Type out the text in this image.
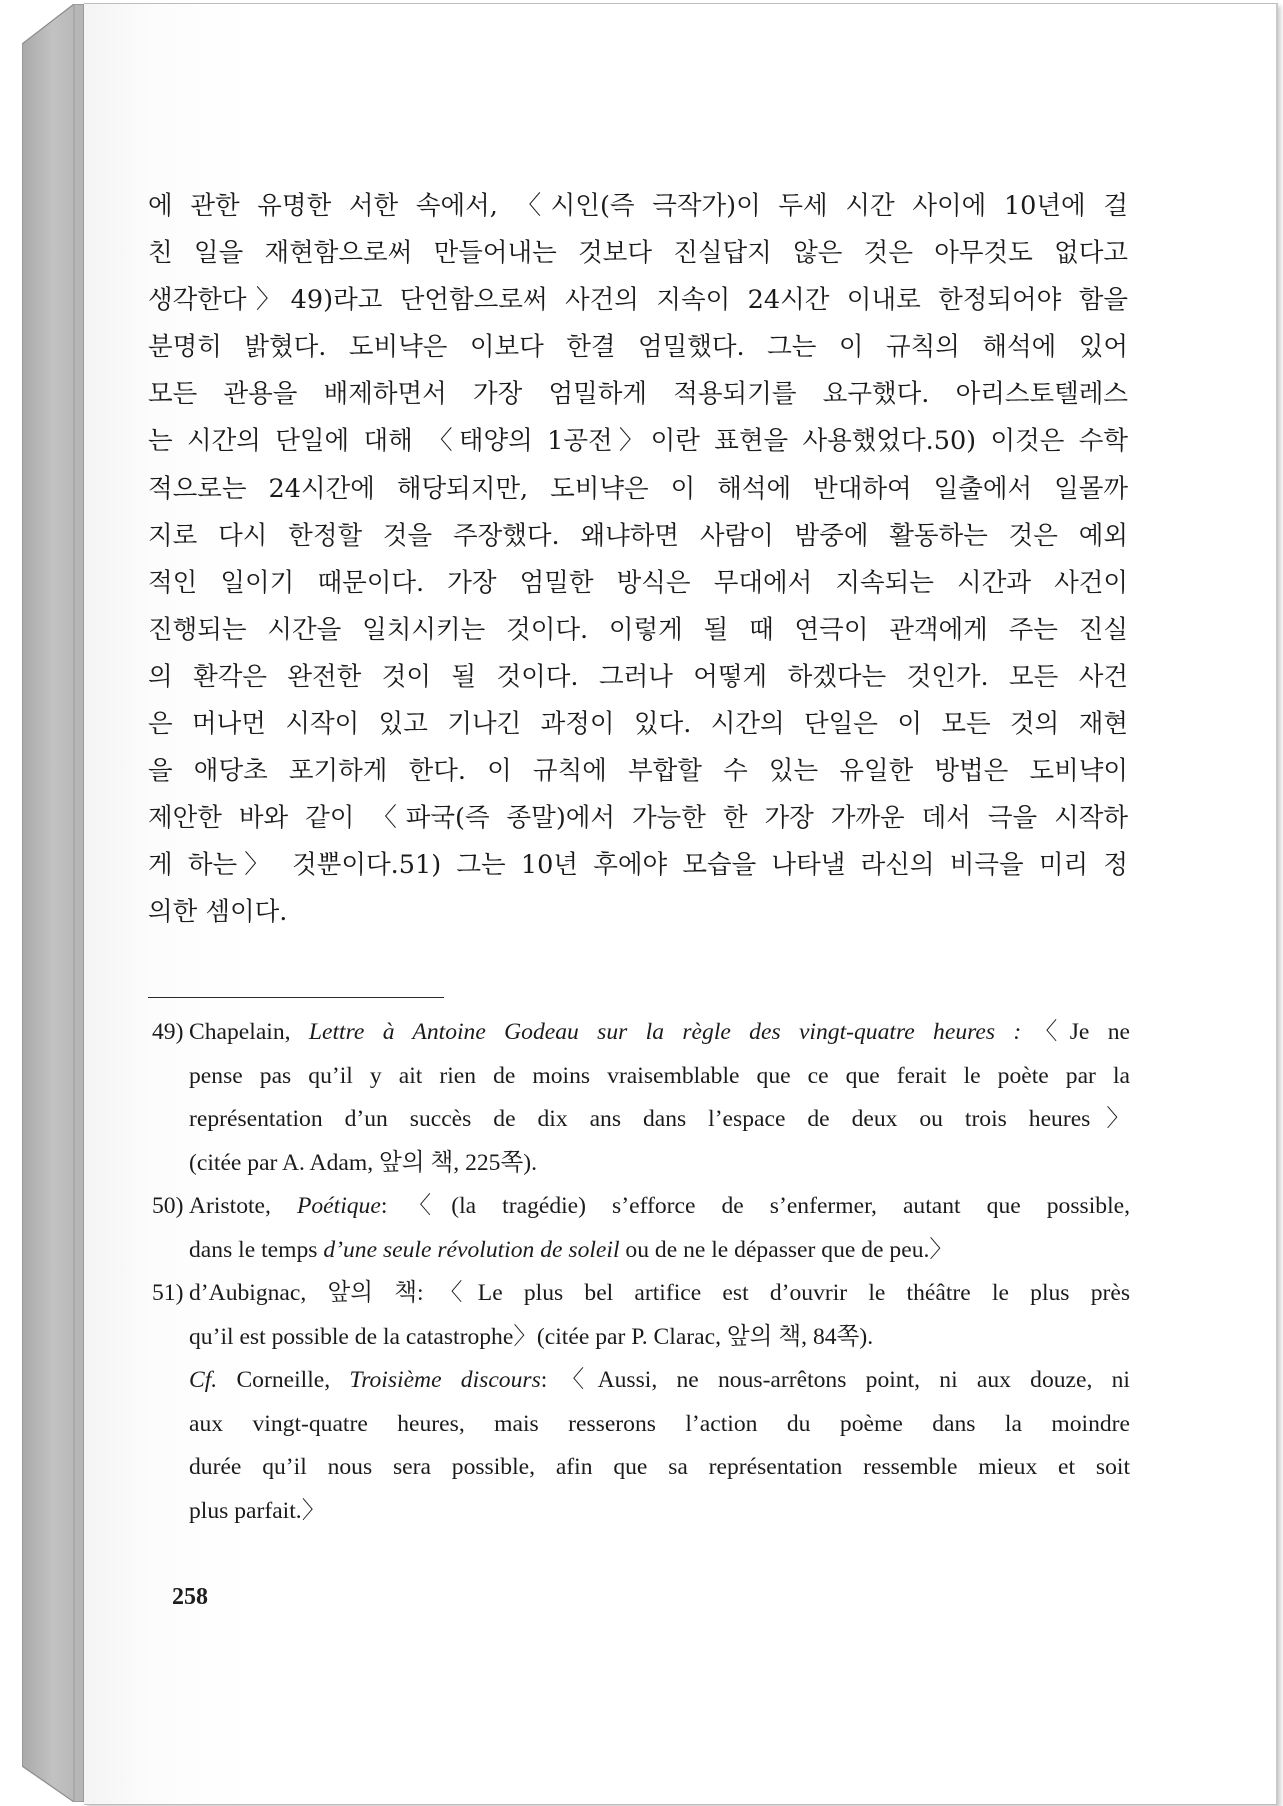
에 관한 유명한 서한 속에서, 〈시인(즉 극작가)이 두세 시간 사이에 10년에 걸
친 일을 재현함으로써 만들어내는 것보다 진실답지 않은 것은 아무것도 없다고
생각한다〉49)라고 단언함으로써 사건의 지속이 24시간 이내로 한정되어야 함을
분명히 밝혔다. 도비냑은 이보다 한결 엄밀했다. 그는 이 규칙의 해석에 있어
모든 관용을 배제하면서 가장 엄밀하게 적용되기를 요구했다. 아리스토텔레스
는 시간의 단일에 대해 〈태양의 1공전〉이란 표현을 사용했었다.50) 이것은 수학
적으로는 24시간에 해당되지만, 도비냑은 이 해석에 반대하여 일출에서 일몰까
지로 다시 한정할 것을 주장했다. 왜냐하면 사람이 밤중에 활동하는 것은 예외
적인 일이기 때문이다. 가장 엄밀한 방식은 무대에서 지속되는 시간과 사건이
진행되는 시간을 일치시키는 것이다. 이렇게 될 때 연극이 관객에게 주는 진실
의 환각은 완전한 것이 될 것이다. 그러나 어떻게 하겠다는 것인가. 모든 사건
은 머나먼 시작이 있고 기나긴 과정이 있다. 시간의 단일은 이 모든 것의 재현
을 애당초 포기하게 한다. 이 규칙에 부합할 수 있는 유일한 방법은 도비냑이
제안한 바와 같이 〈파국(즉 종말)에서 가능한 한 가장 가까운 데서 극을 시작하
게 하는〉 것뿐이다.51) 그는 10년 후에야 모습을 나타낼 라신의 비극을 미리 정
의한 셈이다.
49) Chapelain, Lettre à Antoine Godeau sur la règle des vingt-quatre heures :〈Je ne
pense pas qu’il y ait rien de moins vraisemblable que ce que ferait le poète par la
représentation d’un succès de dix ans dans l’espace de deux ou trois heures〉
(citée par A. Adam, 앞의 책, 225쪽).
50) Aristote, Poétique:〈(la tragédie) s’efforce de s’enfermer, autant que possible,
dans le temps d’une seule révolution de soleil ou de ne le dépasser que de peu.〉
51) d’Aubignac, 앞의 책:〈Le plus bel artifice est d’ouvrir le théâtre le plus près
qu’il est possible de la catastrophe〉(citée par P. Clarac, 앞의 책, 84쪽).
Cf. Corneille, Troisième discours:〈Aussi, ne nous-arrêtons point, ni aux douze, ni
aux vingt-quatre heures, mais resserons l’action du poème dans la moindre
durée qu’il nous sera possible, afin que sa représentation ressemble mieux et soit
plus parfait.〉
258
